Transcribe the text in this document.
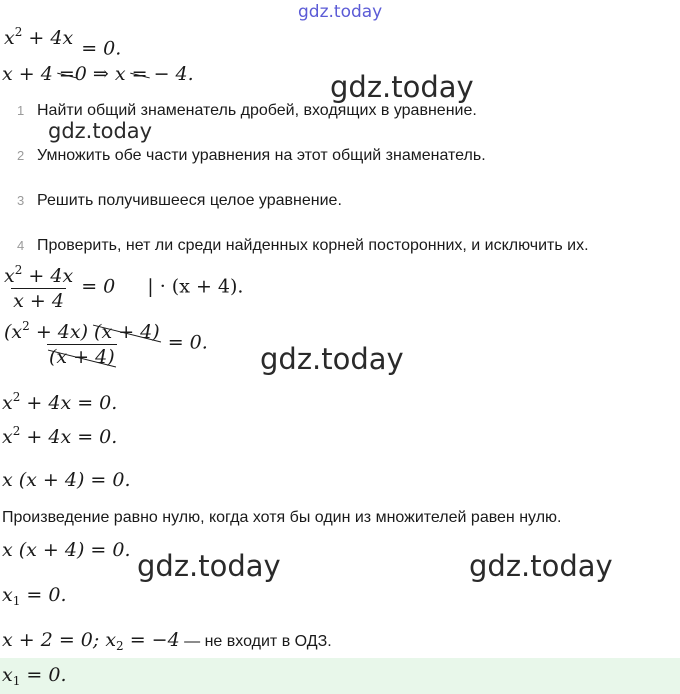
gdz.today
gdz.today
gdz.today
gdz.today
gdz.today	gdz.today
$x^2 + 4x = 0$.
x + 4 =0 ⇒ x = − 4.
1 Найти общий знаменатель дробей, входящих в уравнение.
2 Умножить обе части уравнения на этот общий знаменатель.
3 Решить получившееся целое уравнение.
4 Проверить, нет ли среди найденных корней посторонних, и исключить их.
$\frac{x^2 + 4x}{x + 4} = 0$ | · (x + 4).
$\frac{(x^2 + 4x) (x + 4)}{(x + 4)} = 0$.
$x^2 + 4x = 0$.
$x^2 + 4x = 0$.
x (x + 4) = 0.
Произведение равно нулю, когда хотя бы один из множителей равен нулю.
x (x + 4) = 0.
$x_1 = 0$.
x + 2 = 0; $x_2 = -4$ — не входит в ОДЗ.
$x_1 = 0$.
